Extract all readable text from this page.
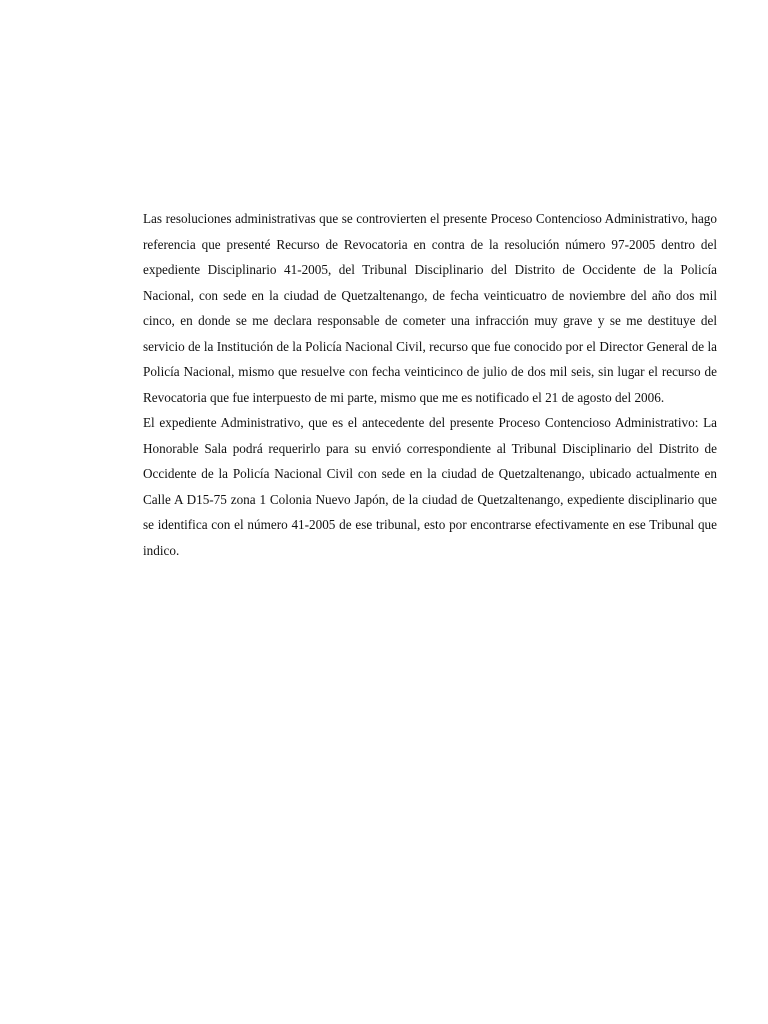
Las resoluciones administrativas que se controvierten el presente Proceso Contencioso Administrativo, hago referencia que presenté Recurso de Revocatoria en contra de la resolución número 97-2005 dentro del expediente Disciplinario 41-2005, del Tribunal Disciplinario del Distrito de Occidente de la Policía Nacional, con sede en la ciudad de Quetzaltenango, de fecha veinticuatro de noviembre del año dos mil cinco, en donde se me declara responsable de cometer una infracción muy grave y se me destituye del servicio de la Institución de la Policía Nacional Civil, recurso que fue conocido por el Director General de la Policía Nacional, mismo que resuelve con fecha veinticinco de julio de dos mil seis, sin lugar el recurso de Revocatoria que fue interpuesto de mi parte, mismo que me es notificado el 21 de agosto del 2006.

El expediente Administrativo, que es el antecedente del presente Proceso Contencioso Administrativo: La Honorable Sala podrá requerirlo para su envió correspondiente al Tribunal Disciplinario del Distrito de Occidente de la Policía Nacional Civil con sede en la ciudad de Quetzaltenango, ubicado actualmente en Calle A D15-75 zona 1 Colonia Nuevo Japón, de la ciudad de Quetzaltenango, expediente disciplinario que se identifica con el número 41-2005 de ese tribunal, esto por encontrarse efectivamente en ese Tribunal que indico.
